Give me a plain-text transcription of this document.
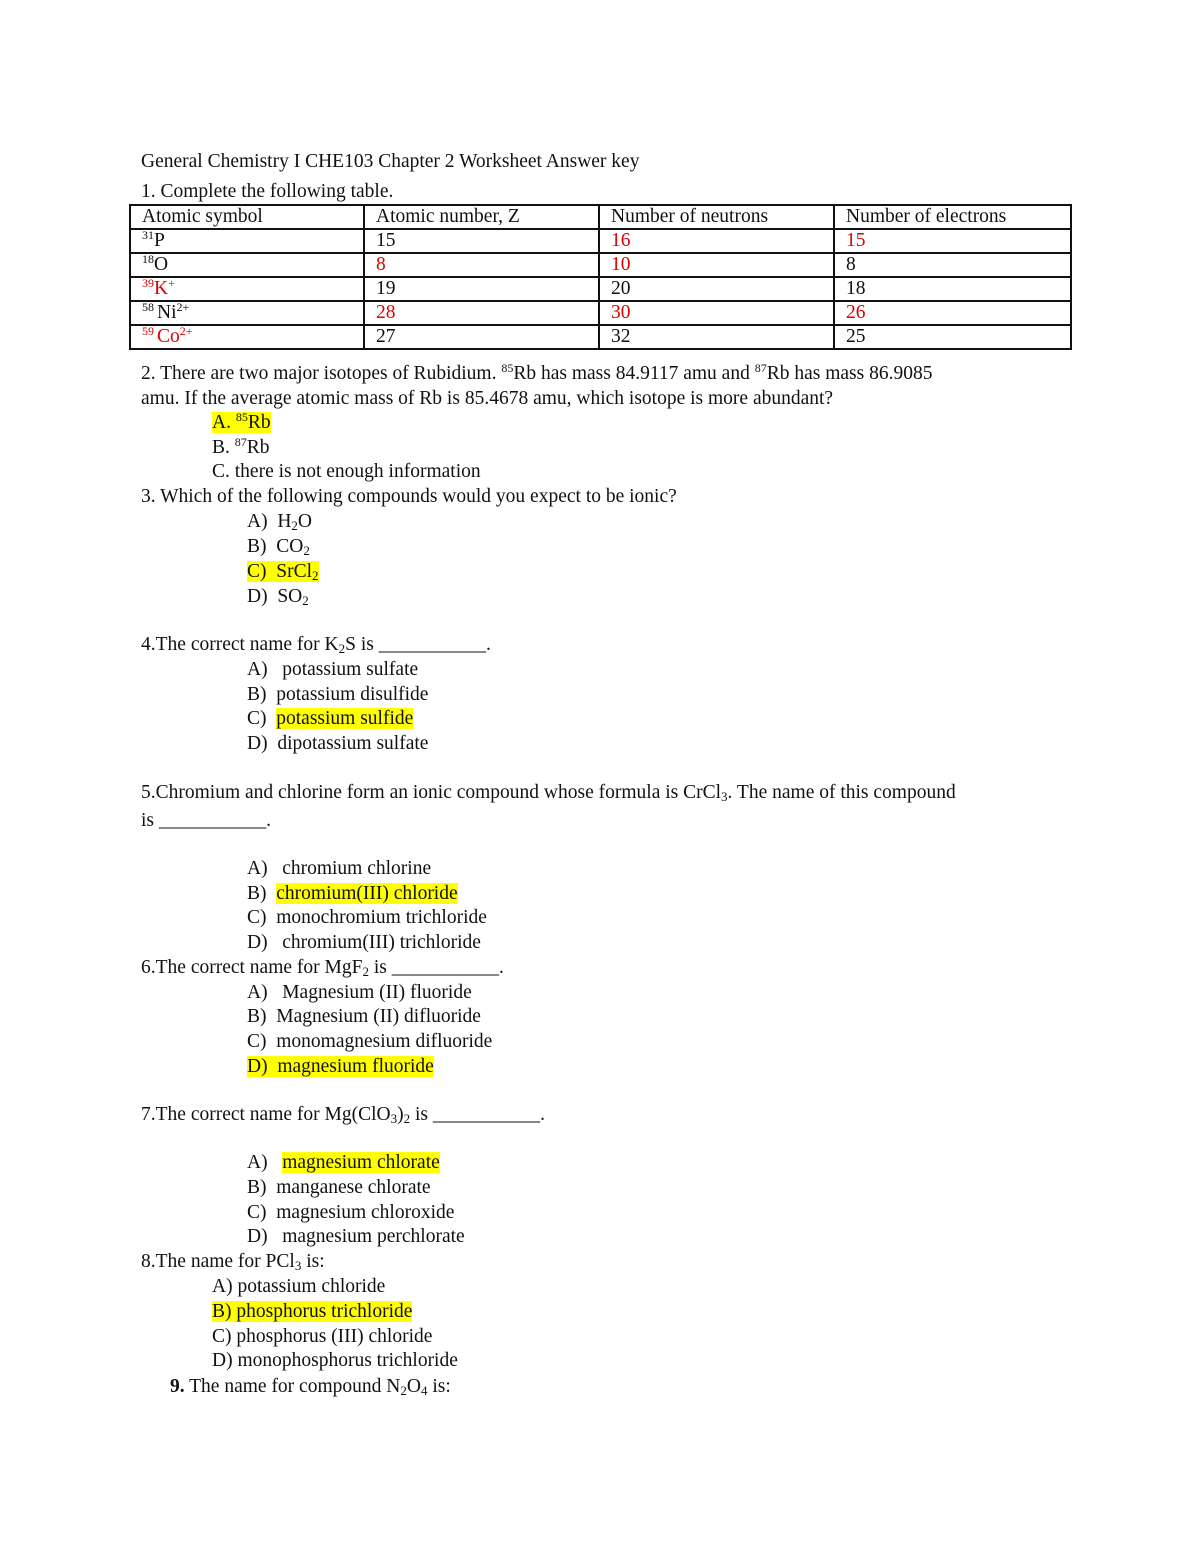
General Chemistry I CHE103 Chapter 2 Worksheet Answer key
1. Complete the following table.
Atomic symbol	Atomic number, Z	Number of neutrons	Number of electrons
$^{31}$P	15	16	15
$^{18}$O	8	10	8
$^{39}$K+	19	20	18
$^{58}$ $Ni^{2+}$	28	30	26
$^{59}$ $Co^{2+}$	27	32	25
2. There are two major isotopes of Rubidium. $^{85}$Rb has mass 84.9117 amu and $^{87}$Rb has mass 86.9085
amu. If the average atomic mass of Rb is 85.4678 amu, which isotope is more abundant?
A. $^{85}$Rb
B. $^{87}$Rb
C. there is not enough information
3. Which of the following compounds would you expect to be ionic?
A) $H_2O$
B) $CO_2$
C) SrCl$_2$
D) $SO_2$
4.The correct name for $K_2S$ is ___________.
A) potassium sulfate
B) potassium disulfide
C) potassium sulfide
D) dipotassium sulfate
5.Chromium and chlorine form an ionic compound whose formula is CrCl$_3$. The name of this compound
is ___________.
A) chromium chlorine
B) chromium(III) chloride
C) monochromium trichloride
D) chromium(III) trichloride
6.The correct name for MgF$_2$ is ___________.
A) Magnesium (II) fluoride
B) Magnesium (II) difluoride
C) monomagnesium difluoride
D) magnesium fluoride
7.The correct name for $Mg(ClO_3)_2$ is ___________.
A) magnesium chlorate
B) manganese chlorate
C) magnesium chloroxide
D) magnesium perchlorate
8.The name for PCl$_3$ is:
A) potassium chloride
B) phosphorus trichloride
C) phosphorus (III) chloride
D) monophosphorus trichloride
9. The name for compound $N_2O_4$ is:
